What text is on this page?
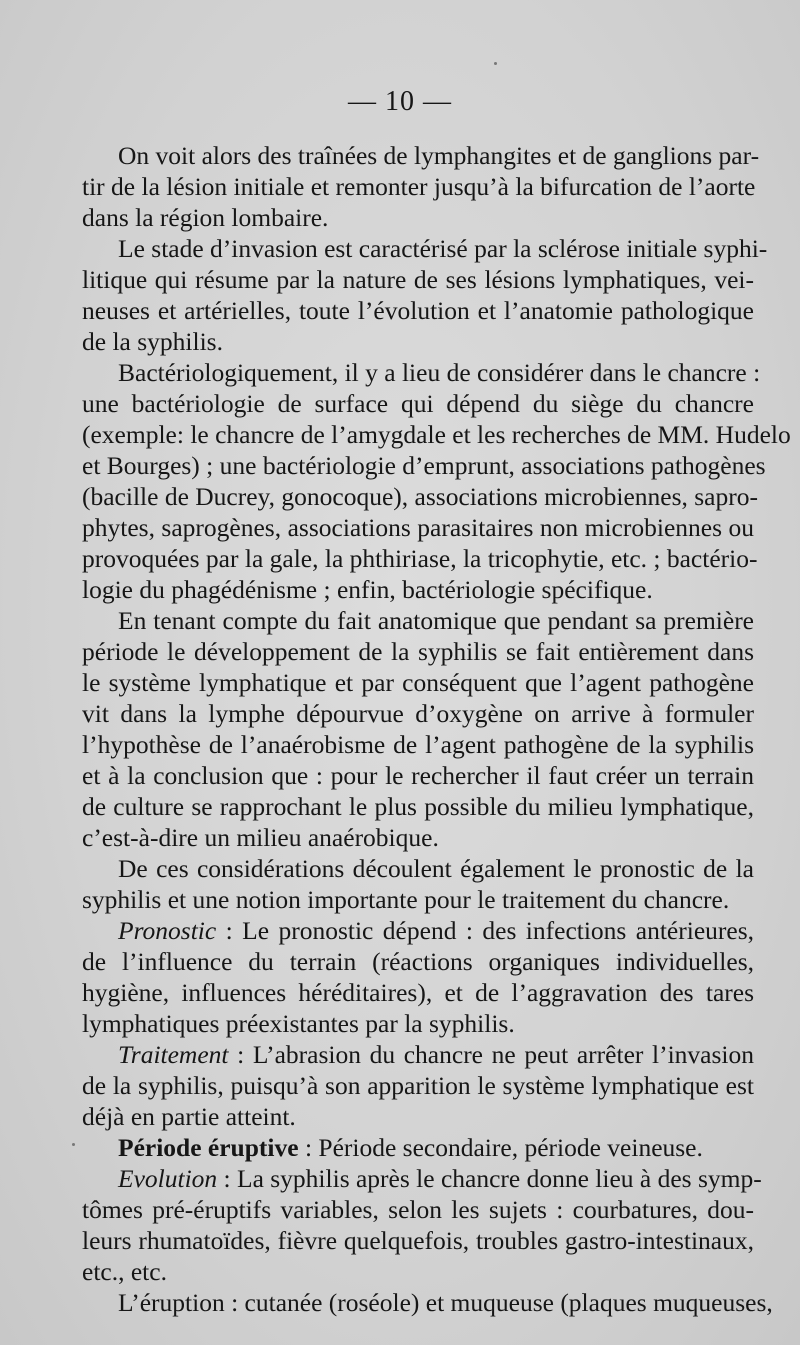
— 10 —
On voit alors des traînées de lymphangites et de ganglions par-
tir de la lésion initiale et remonter jusqu’à la bifurcation de l’aorte
dans la région lombaire.
Le stade d’invasion est caractérisé par la sclérose initiale syphi-
litique qui résume par la nature de ses lésions lymphatiques, vei-
neuses et artérielles, toute l’évolution et l’anatomie pathologique
de la syphilis.
Bactériologiquement, il y a lieu de considérer dans le chancre :
une bactériologie de surface qui dépend du siège du chancre
(exemple: le chancre de l’amygdale et les recherches de MM. Hudelo
et Bourges) ; une bactériologie d’emprunt, associations pathogènes
(bacille de Ducrey, gonocoque), associations microbiennes, sapro-
phytes, saprogènes, associations parasitaires non microbiennes ou
provoquées par la gale, la phthiriase, la tricophytie, etc. ; bactério-
logie du phagédénisme ; enfin, bactériologie spécifique.
En tenant compte du fait anatomique que pendant sa première
période le développement de la syphilis se fait entièrement dans
le système lymphatique et par conséquent que l’agent pathogène
vit dans la lymphe dépourvue d’oxygène on arrive à formuler
l’hypothèse de l’anaérobisme de l’agent pathogène de la syphilis
et à la conclusion que : pour le rechercher il faut créer un terrain
de culture se rapprochant le plus possible du milieu lymphatique,
c’est-à-dire un milieu anaérobique.
De ces considérations découlent également le pronostic de la
syphilis et une notion importante pour le traitement du chancre.
Pronostic : Le pronostic dépend : des infections antérieures,
de l’influence du terrain (réactions organiques individuelles,
hygiène, influences héréditaires), et de l’aggravation des tares
lymphatiques préexistantes par la syphilis.
Traitement : L’abrasion du chancre ne peut arrêter l’invasion
de la syphilis, puisqu’à son apparition le système lymphatique est
déjà en partie atteint.
Période éruptive : Période secondaire, période veineuse.
Evolution : La syphilis après le chancre donne lieu à des symp-
tômes pré-éruptifs variables, selon les sujets : courbatures, dou-
leurs rhumatoïdes, fièvre quelquefois, troubles gastro-intestinaux,
etc., etc.
L’éruption : cutanée (roséole) et muqueuse (plaques muqueuses,
